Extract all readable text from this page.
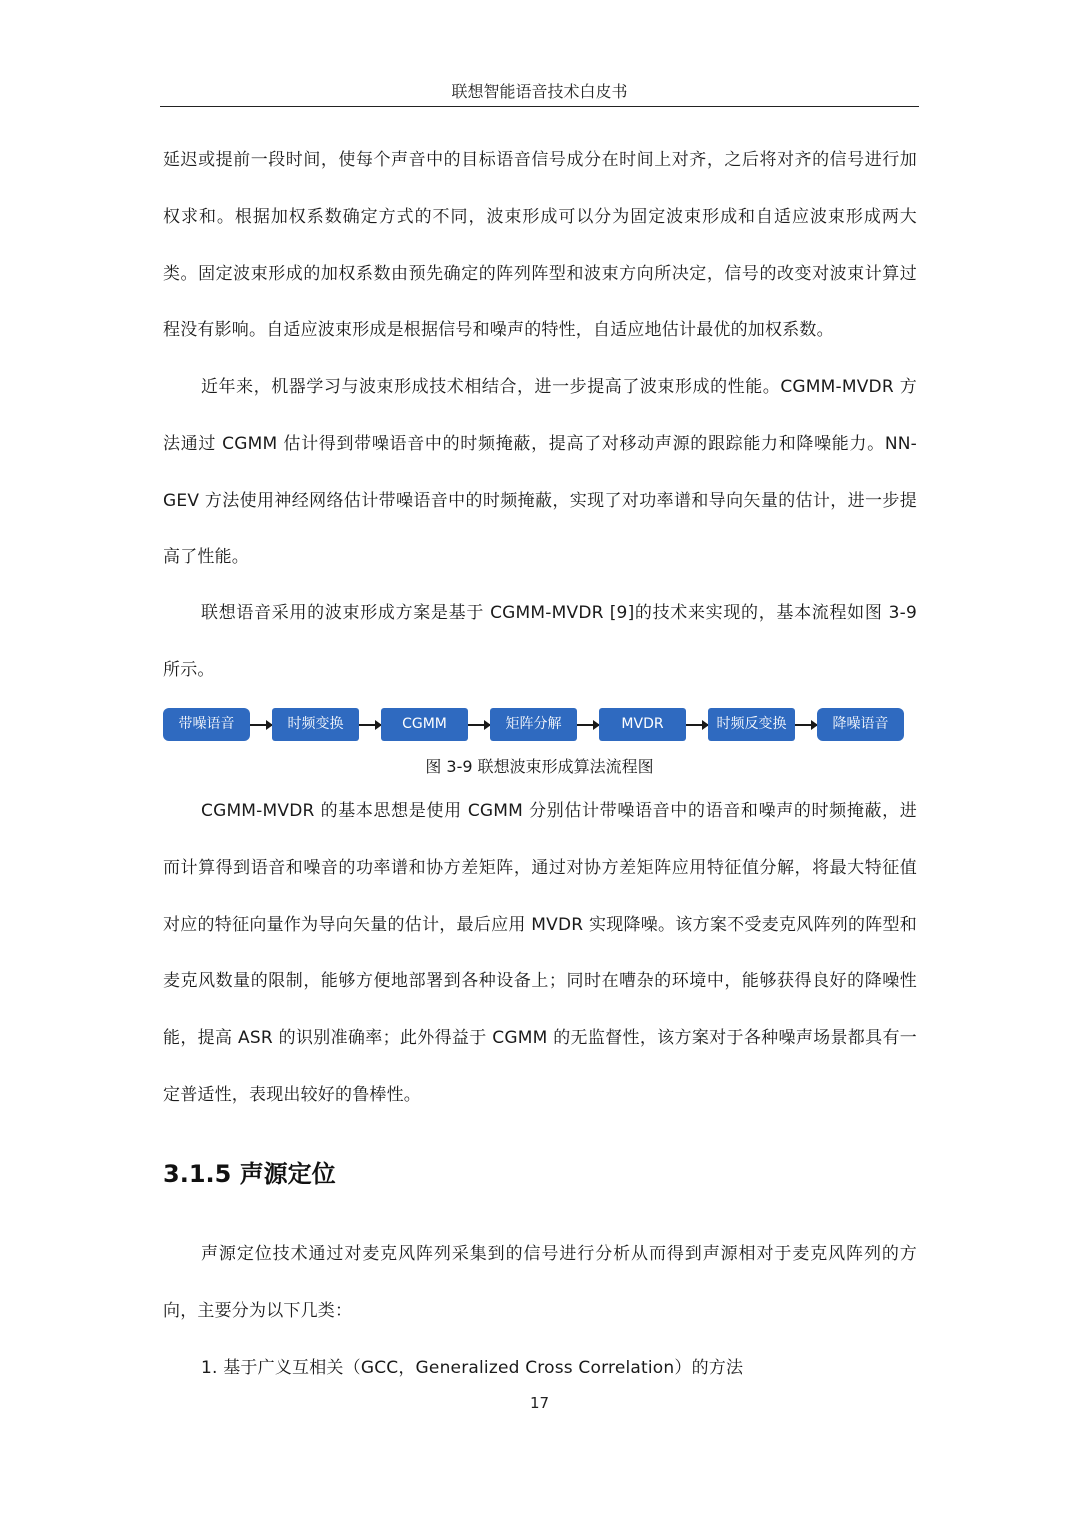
联想智能语音技术白皮书

延迟或提前一段时间，使每个声音中的目标语音信号成分在时间上对齐，之后将对齐的信号进行加权求和。根据加权系数确定方式的不同，波束形成可以分为固定波束形成和自适应波束形成两大类。固定波束形成的加权系数由预先确定的阵列阵型和波束方向所决定，信号的改变对波束计算过程没有影响。自适应波束形成是根据信号和噪声的特性，自适应地估计最优的加权系数。

近年来，机器学习与波束形成技术相结合，进一步提高了波束形成的性能。CGMM-MVDR 方法通过 CGMM 估计得到带噪语音中的时频掩蔽，提高了对移动声源的跟踪能力和降噪能力。NN-GEV 方法使用神经网络估计带噪语音中的时频掩蔽，实现了对功率谱和导向矢量的估计，进一步提高了性能。

联想语音采用的波束形成方案是基于 CGMM-MVDR [9]的技术来实现的，基本流程如图 3-9 所示。

带噪语音	时频变换	CGMM	矩阵分解	MVDR	时频反变换	降噪语音
图 3-9 联想波束形成算法流程图

CGMM-MVDR 的基本思想是使用 CGMM 分别估计带噪语音中的语音和噪声的时频掩蔽，进而计算得到语音和噪音的功率谱和协方差矩阵，通过对协方差矩阵应用特征值分解，将最大特征值对应的特征向量作为导向矢量的估计，最后应用 MVDR 实现降噪。该方案不受麦克风阵列的阵型和麦克风数量的限制，能够方便地部署到各种设备上；同时在嘈杂的环境中，能够获得良好的降噪性能，提高 ASR 的识别准确率；此外得益于 CGMM 的无监督性，该方案对于各种噪声场景都具有一定普适性，表现出较好的鲁棒性。

3.1.5 声源定位

声源定位技术通过对麦克风阵列采集到的信号进行分析从而得到声源相对于麦克风阵列的方向，主要分为以下几类：

1. 基于广义互相关（GCC，Generalized Cross Correlation）的方法

17
